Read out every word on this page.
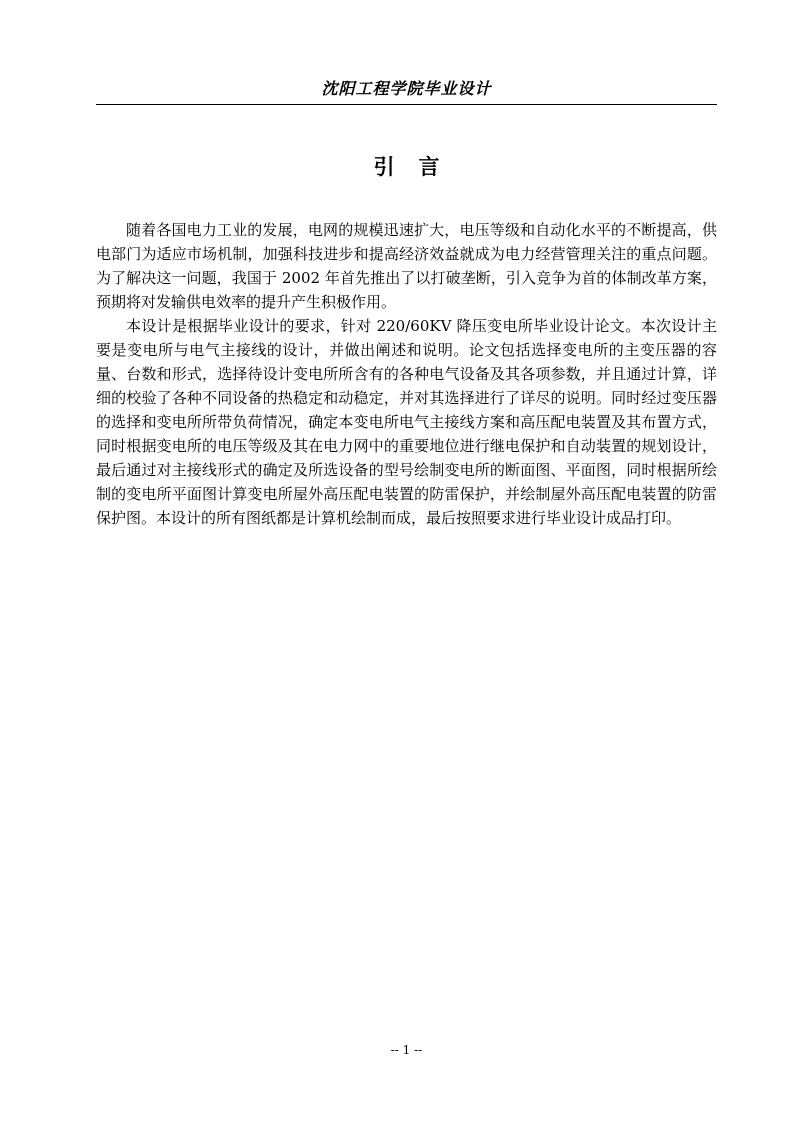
沈阳工程学院毕业设计
引言

随着各国电力工业的发展，电网的规模迅速扩大，电压等级和自动化水平的不断提高，供电部门为适应市场机制，加强科技进步和提高经济效益就成为电力经营管理关注的重点问题。为了解决这一问题，我国于 2002 年首先推出了以打破垄断，引入竞争为首的体制改革方案，预期将对发输供电效率的提升产生积极作用。

本设计是根据毕业设计的要求，针对 220/60KV 降压变电所毕业设计论文。本次设计主要是变电所与电气主接线的设计，并做出阐述和说明。论文包括选择变电所的主变压器的容量、台数和形式，选择待设计变电所所含有的各种电气设备及其各项参数，并且通过计算，详细的校验了各种不同设备的热稳定和动稳定，并对其选择进行了详尽的说明。同时经过变压器的选择和变电所所带负荷情况，确定本变电所电气主接线方案和高压配电装置及其布置方式，同时根据变电所的电压等级及其在电力网中的重要地位进行继电保护和自动装置的规划设计，最后通过对主接线形式的确定及所选设备的型号绘制变电所的断面图、平面图，同时根据所绘制的变电所平面图计算变电所屋外高压配电装置的防雷保护，并绘制屋外高压配电装置的防雷保护图。本设计的所有图纸都是计算机绘制而成，最后按照要求进行毕业设计成品打印。

-- 1 --
